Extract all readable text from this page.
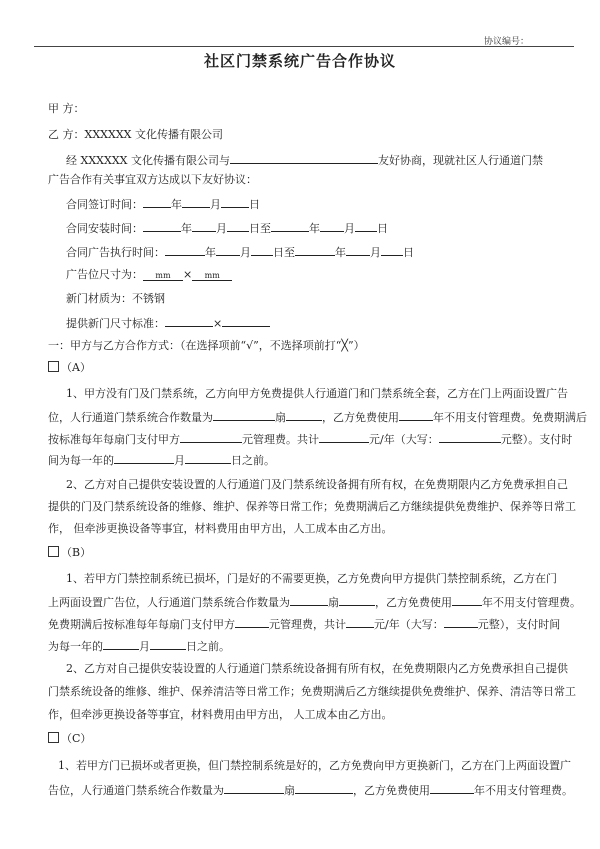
协议编号：
社区门禁系统广告合作协议
甲 方：
乙 方：XXXXXX 文化传播有限公司
经 XXXXXX 文化传播有限公司与	友好协商，现就社区人行通道门禁
广告合作有关事宜双方达成以下友好协议：
合同签订时间：	年	月	日
合同安装时间：	年 月 日至	年 月 日
合同广告执行时间：	年 月 日至	年 月 日
广告位尺寸为： mm × mm
新门材质为：不锈钢
提供新门尺寸标准：	×
一：甲方与乙方合作方式：（在选择项前“√”，不选择项前打“╳”）
（A）
1、甲方没有门及门禁系统，乙方向甲方免费提供人行通道门和门禁系统全套，乙方在门上两面设置广告
位，人行通道门禁系统合作数量为	扇	，乙方免费使用	年不用支付管理费。免费期满后
按标准每年每扇门支付甲方	元管理费。共计	元/年（大写：	元整）。支付时
间为每一年的	月	日之前。
2、乙方对自己提供安装设置的人行通道门及门禁系统设备拥有所有权，在免费期限内乙方免费承担自己
提供的门及门禁系统设备的维修、维护、保养等日常工作；免费期满后乙方继续提供免费维护、保养等日常工
作， 但牵涉更换设备等事宜，材料费用由甲方出，人工成本由乙方出。
（B）
1、若甲方门禁控制系统已损坏，门是好的不需要更换，乙方免费向甲方提供门禁控制系统，乙方在门
上两面设置广告位，人行通道门禁系统合作数量为	扇	，乙方免费使用	年不用支付管理费。
免费期满后按标准每年每扇门支付甲方	元管理费，共计	元/年（大写：	元整），支付时间
为每一年的	月	日之前。
2、乙方对自己提供安装设置的人行通道门禁系统设备拥有所有权，在免费期限内乙方免费承担自己提供
门禁系统设备的维修、维护、保养清洁等日常工作；免费期满后乙方继续提供免费维护、保养、清洁等日常工
作，但牵涉更换设备等事宜，材料费用由甲方出， 人工成本由乙方出。
（C）
1、若甲方门已损坏或者更换，但门禁控制系统是好的，乙方免费向甲方更换新门，乙方在门上两面设置广
告位，人行通道门禁系统合作数量为	扇	，乙方免费使用	年不用支付管理费。
